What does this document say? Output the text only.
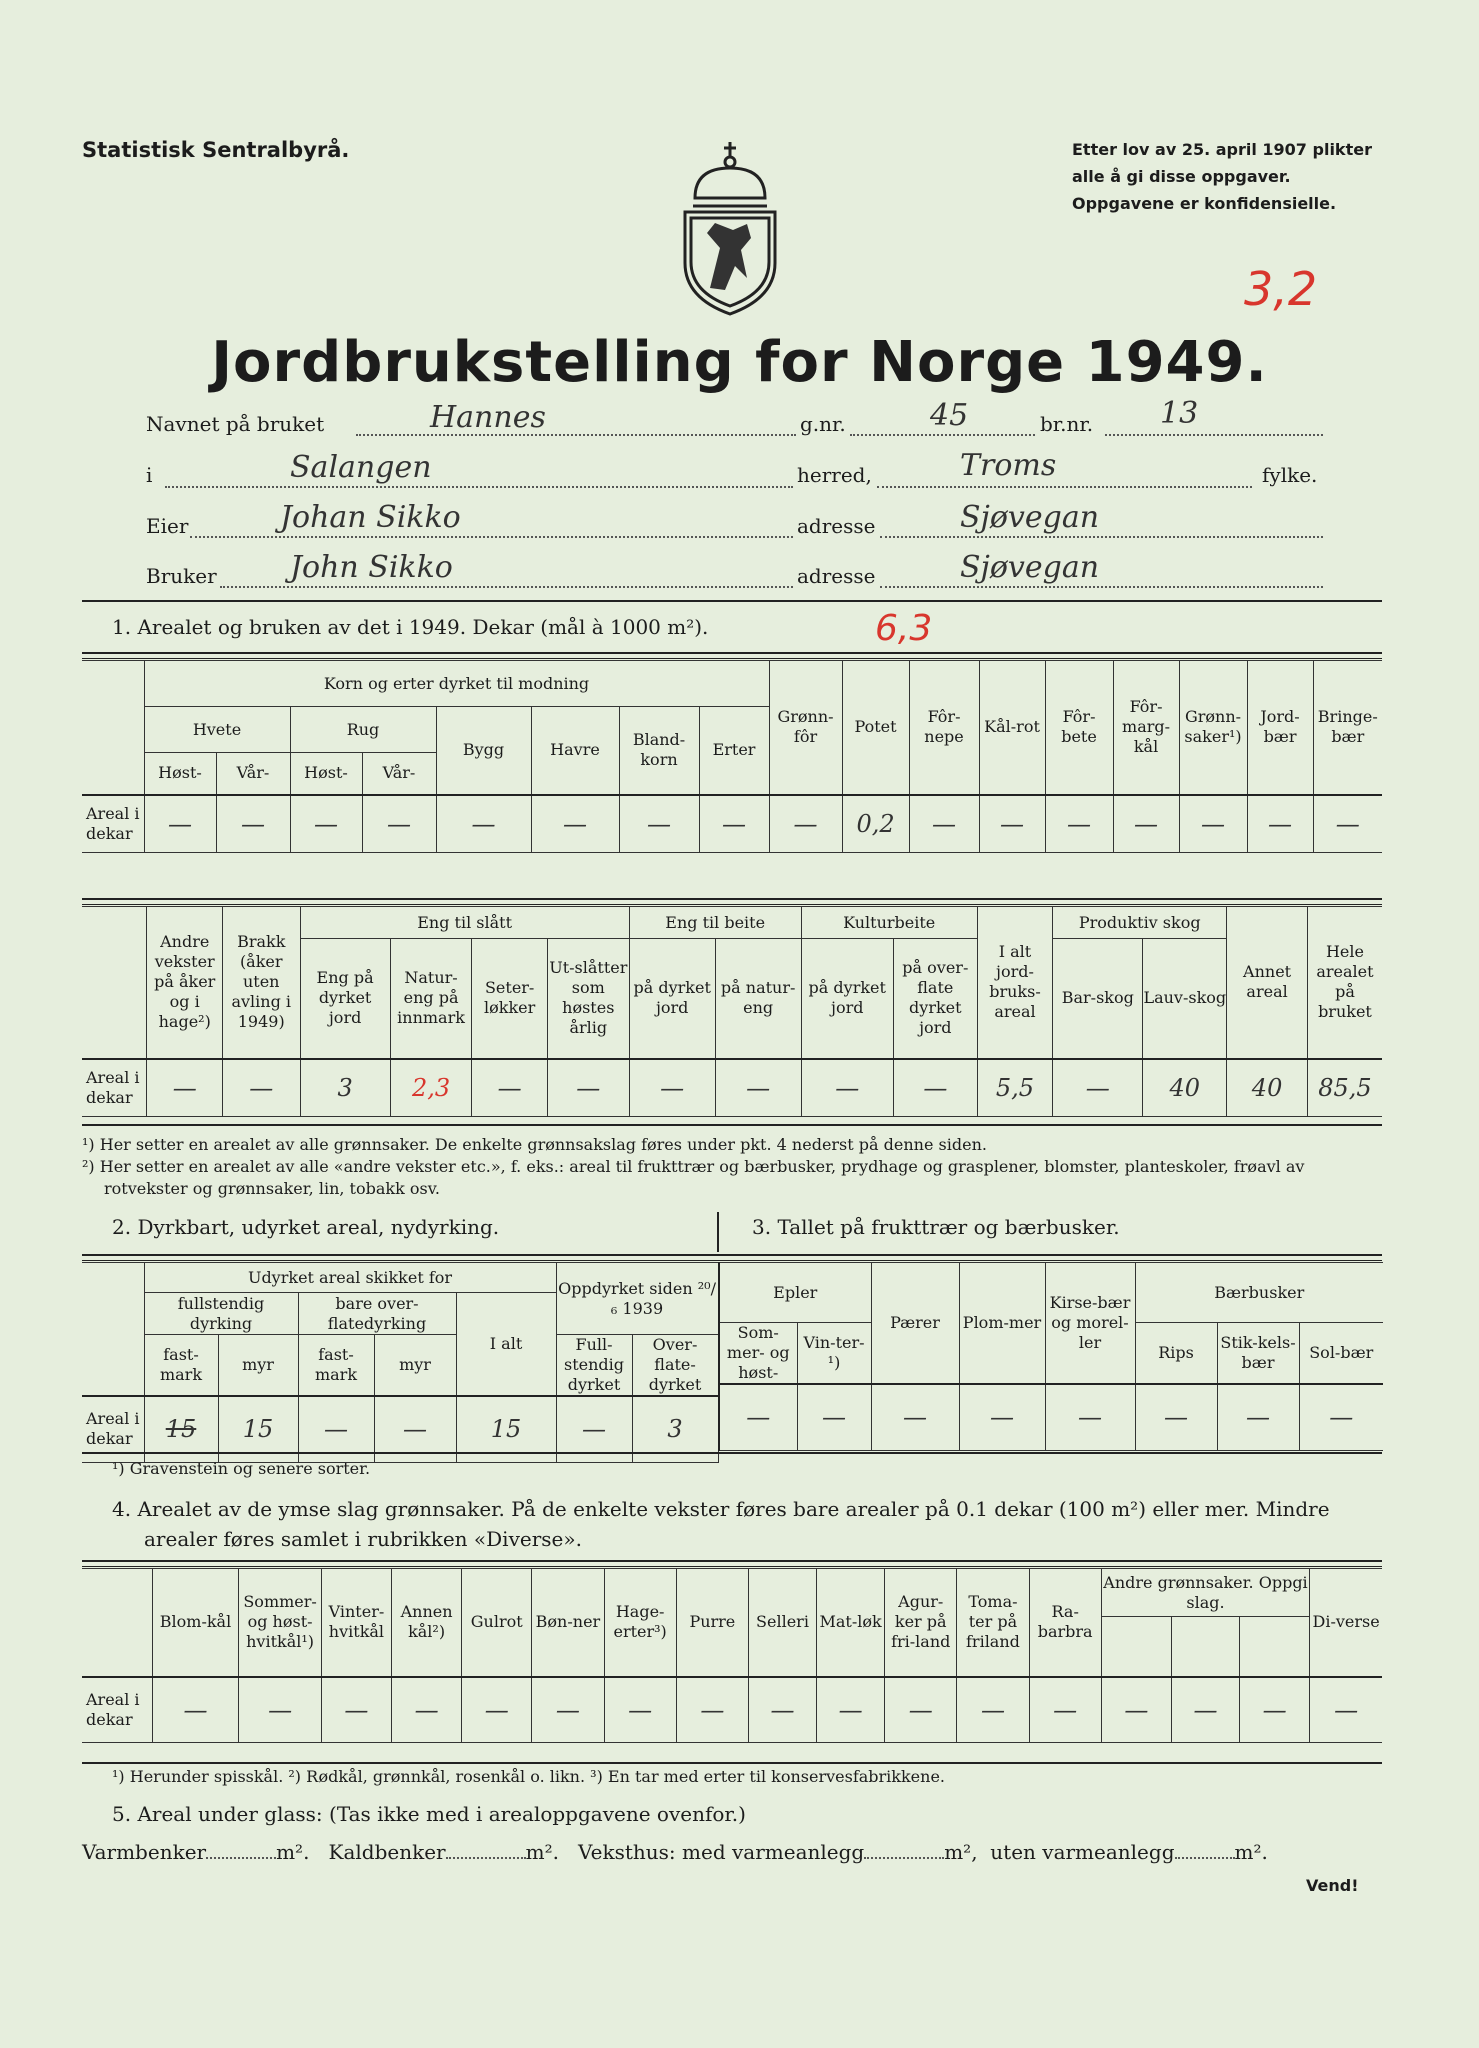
Statistisk Sentralbyrå.	Etter lov av 25. april 1907 plikter
alle å gi disse oppgaver.
Oppgavene er konfidensielle.
3,2
Jordbrukstelling for Norge 1949.
Navnet på bruket	Hannes	g.nr.	45	br.nr. 13
i	Salangen	herred,	Troms	fylke.
Eier	Johan Sikko	adresse	Sjøvegan
Bruker John Sikko	adresse	Sjøvegan
1. Arealet og bruken av det i 1949. Dekar (mål à 1000 m²).	6,3
	Korn og erter dyrket til modning								Grønn-fôr	Potet	Fôr-nepe	Kål-rot	Fôr-bete	Fôr-marg-kål	Grønn-saker¹)	Jord-bær	Bringe-bær
	Hvete		Rug		Bygg	Havre	Bland-korn	Erter									
	Høst-	Vår-	Høst-	Vår-													
Areal i dekar	—	—	—	—	—	—	—	—	—	0,2	—	—	—	—	—	—	—
	Andre vekster på åker og i hage²)	Brakk (åker uten avling i 1949)	Eng til slått				Eng til beite		Kulturbeite		I alt jord-bruks-areal	Produktiv skog		Annet areal	Hele arealet på bruket
			Eng på dyrket jord	Natur-eng på innmark	Seter-løkker	Ut-slåtter som høstes årlig	på dyrket jord	på natur-eng	på dyrket jord	på over-flate dyrket jord		Bar-skog	Lauv-skog		
Areal i dekar	—	—	3	2,3	—	—	—	—	—	—	5,5	—	40	40	85,5
¹) Her setter en arealet av alle grønnsaker. De enkelte grønnsakslag føres under pkt. 4 nederst på denne siden.
²) Her setter en arealet av alle «andre vekster etc.», f. eks.: areal til frukttrær og bærbusker, prydhage og grasplener, blomster, planteskoler, frøavl av rotvekster og grønnsaker, lin, tobakk osv.
2. Dyrkbart, udyrket areal, nydyrking.	3. Tallet på frukttrær og bærbusker.
	Udyrket areal skikket for					Oppdyrket siden ²⁰/₆ 1939	
	fullstendig dyrking		bare over-flatedyrking		I alt		
	fast-mark	myr	fast-mark	myr		Full-stendig dyrket	Over-flate-dyrket
Areal i dekar	15	15	—	—	15	—	3
Epler		Pærer	Plom-mer	Kirse-bær og morel-ler	Bærbusker		
Som-mer- og høst-	Vin-ter-¹)				Rips	Stik-kels-bær	Sol-bær
—	—	—	—	—	—	—	—
¹) Gravenstein og senere sorter.
4. Arealet av de ymse slag grønnsaker. På de enkelte vekster føres bare arealer på 0.1 dekar (100 m²) eller mer. Mindre arealer føres samlet i rubrikken «Diverse».
	Blom-kål	Sommer- og høst-hvitkål¹)	Vinter-hvitkål	Annen kål²)	Gulrot	Bøn-ner	Hage-erter³)	Purre	Selleri	Mat-løk	Agur-ker på fri-land	Toma-ter på friland	Ra-barbra	Andre grønnsaker. Oppgi slag.			Di-verse

Areal i dekar	—	—	—	—	—	—	—	—	—	—	—	—	—	—	—	—	—
¹) Herunder spisskål. ²) Rødkål, grønnkål, rosenkål o. likn. ³) En tar med erter til konservesfabrikkene.
5. Areal under glass: (Tas ikke med i arealoppgavene ovenfor.)
Varmbenker	m². Kaldbenker	m². Veksthus: med varmeanlegg	m², uten varmeanlegg	m².
Vend!
